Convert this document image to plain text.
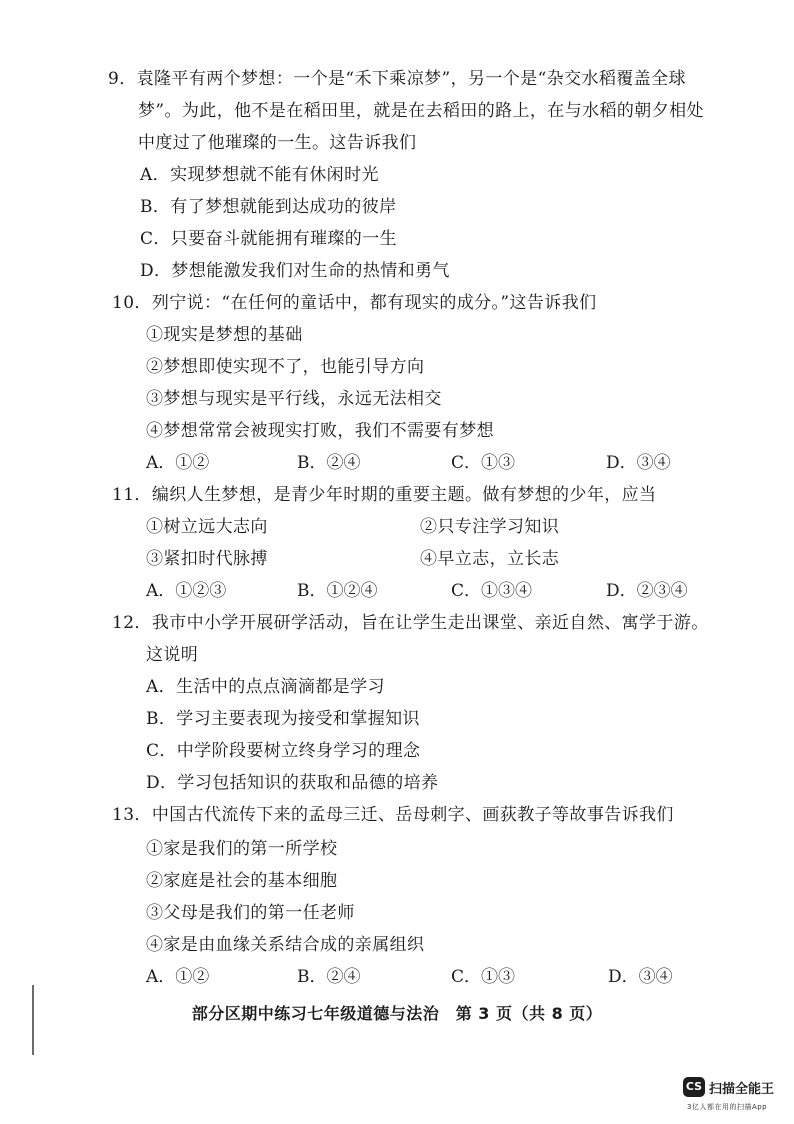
9．袁隆平有两个梦想：一个是“禾下乘凉梦”，另一个是“杂交水稻覆盖全球
梦”。为此，他不是在稻田里，就是在去稻田的路上，在与水稻的朝夕相处
中度过了他璀璨的一生。这告诉我们
A．实现梦想就不能有休闲时光
B．有了梦想就能到达成功的彼岸
C．只要奋斗就能拥有璀璨的一生
D．梦想能激发我们对生命的热情和勇气
10．列宁说：“在任何的童话中，都有现实的成分。”这告诉我们
①现实是梦想的基础
②梦想即使实现不了，也能引导方向
③梦想与现实是平行线，永远无法相交
④梦想常常会被现实打败，我们不需要有梦想
A．①②	B．②④	C．①③	D．③④
11．编织人生梦想，是青少年时期的重要主题。做有梦想的少年，应当
①树立远大志向	②只专注学习知识
③紧扣时代脉搏	④早立志，立长志
A．①②③	B．①②④	C．①③④	D．②③④
12．我市中小学开展研学活动，旨在让学生走出课堂、亲近自然、寓学于游。
这说明
A．生活中的点点滴滴都是学习
B．学习主要表现为接受和掌握知识
C．中学阶段要树立终身学习的理念
D．学习包括知识的获取和品德的培养
13．中国古代流传下来的孟母三迁、岳母刺字、画荻教子等故事告诉我们
①家是我们的第一所学校
②家庭是社会的基本细胞
③父母是我们的第一任老师
④家是由血缘关系结合成的亲属组织
A．①②	B．②④	C．①③	D．③④
部分区期中练习七年级道德与法治　第 3 页（共 8 页）
CS 扫描全能王
3亿人都在用的扫描App
